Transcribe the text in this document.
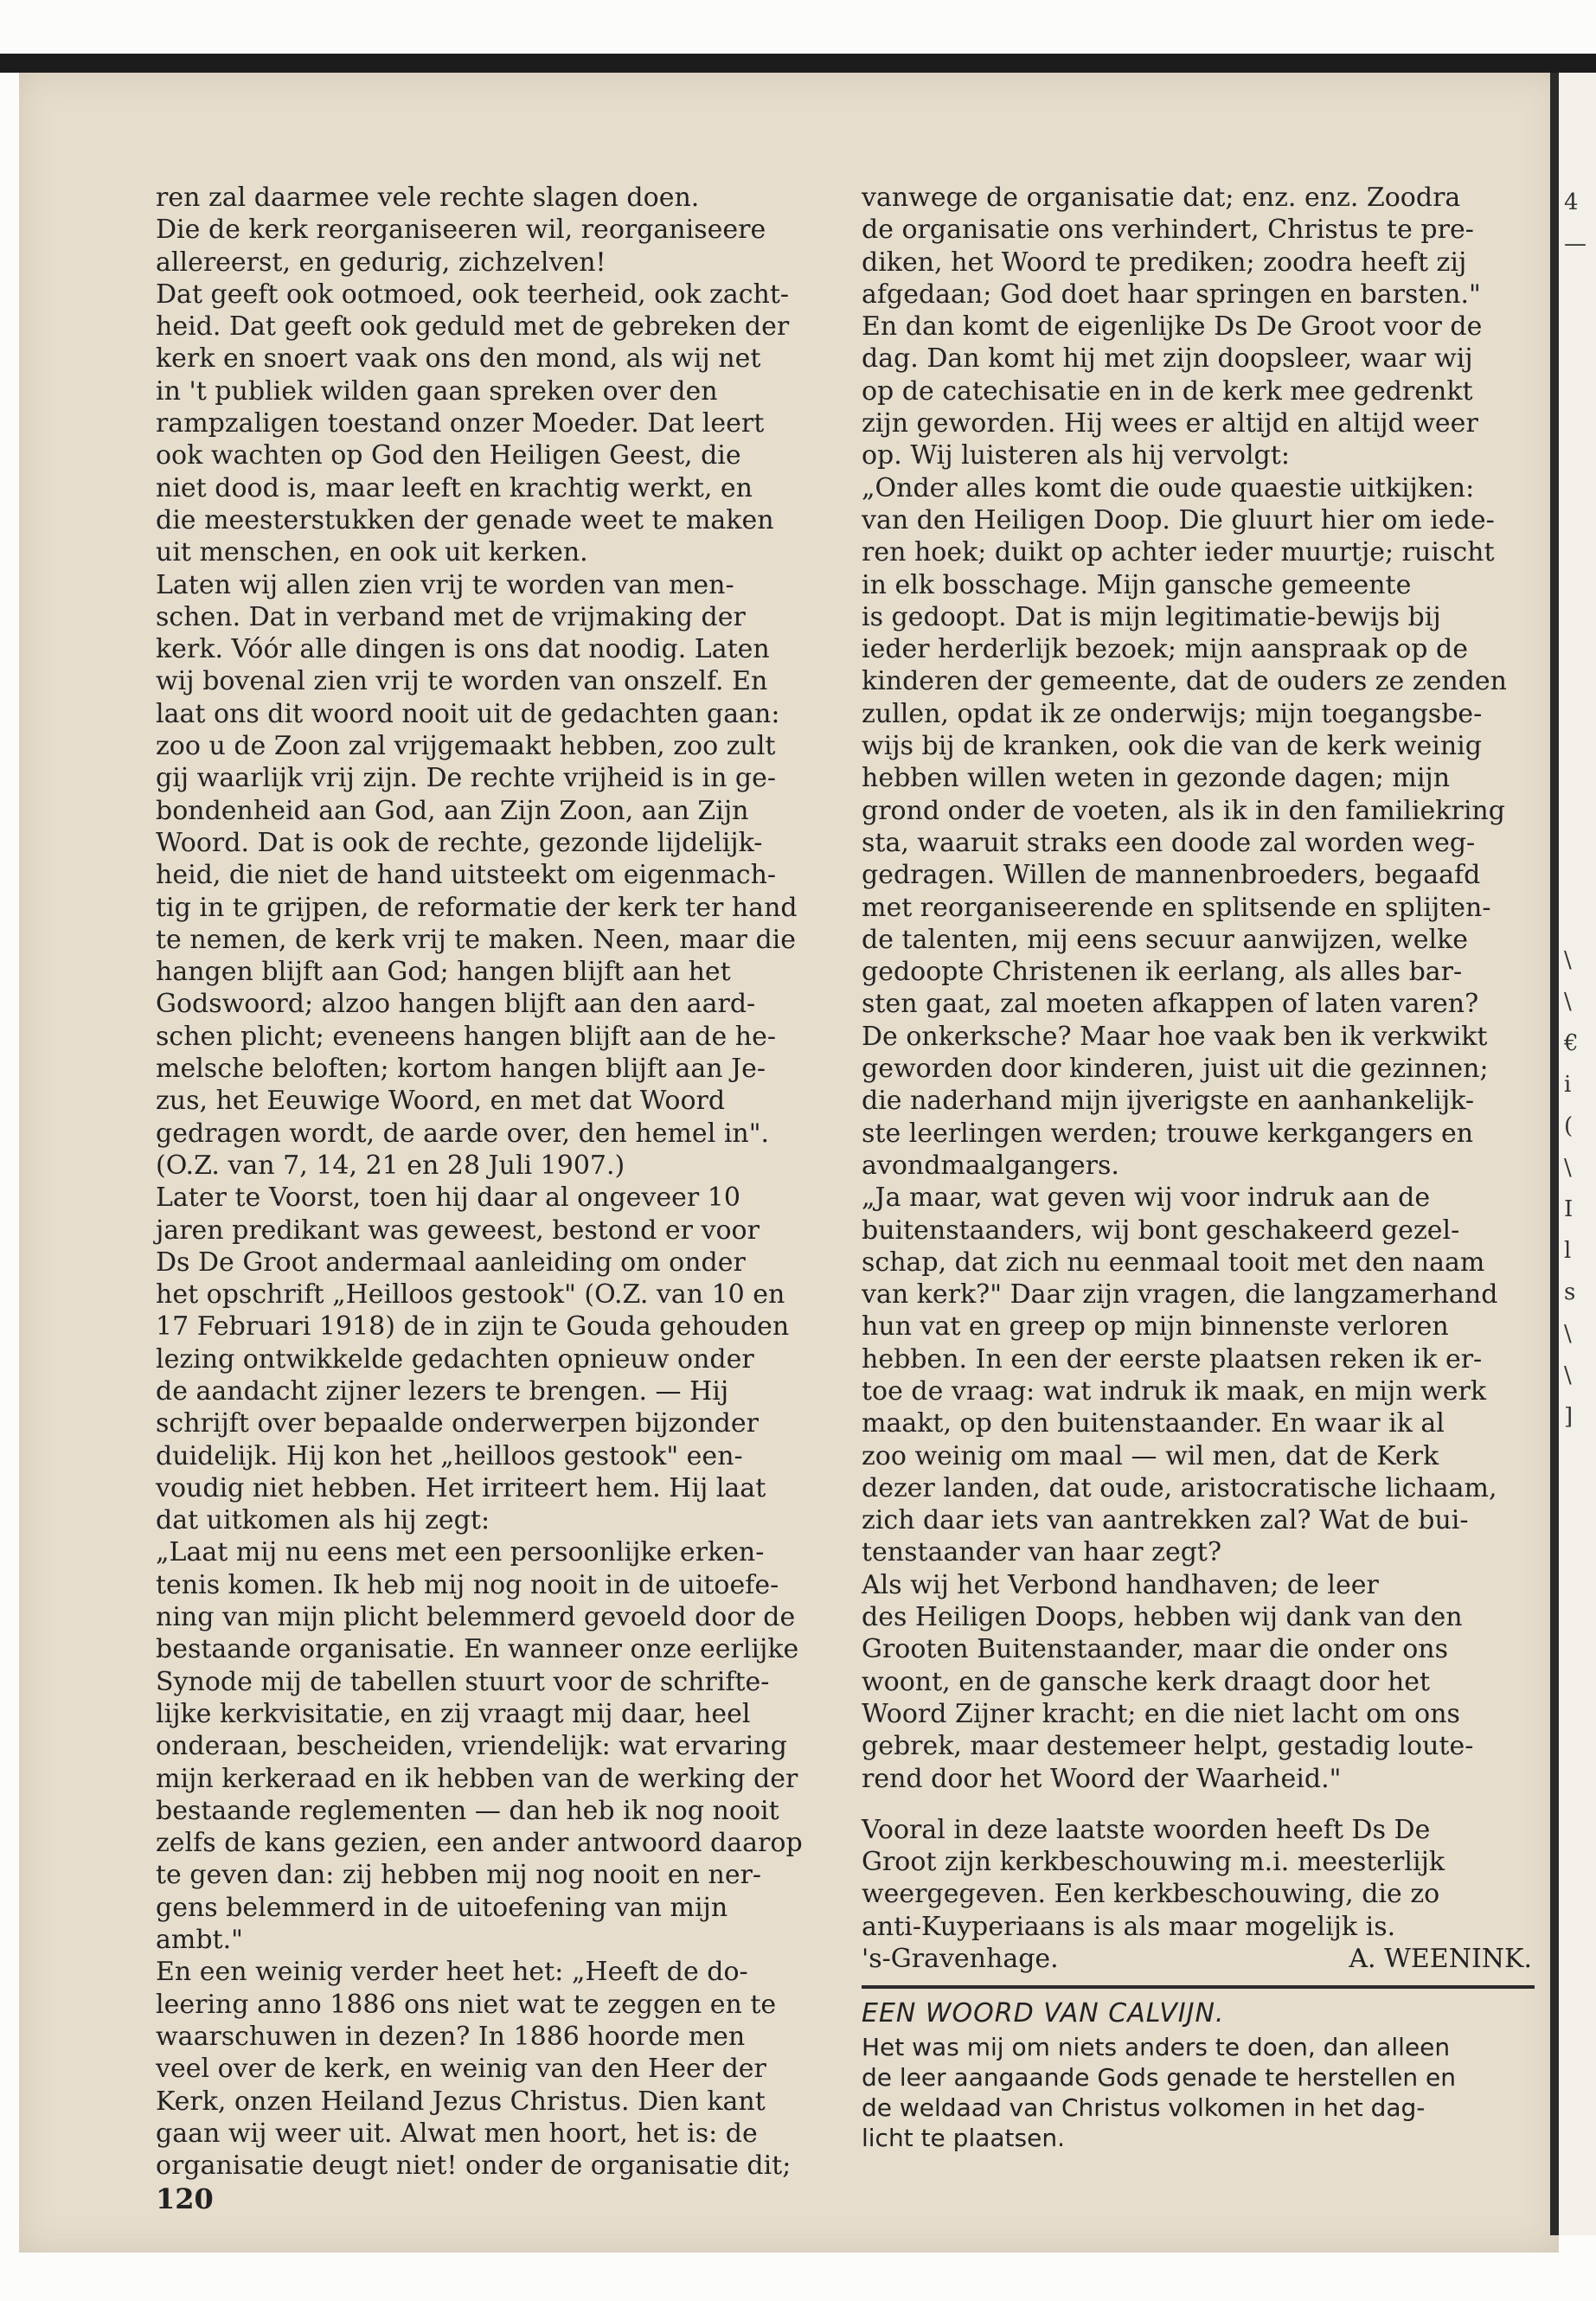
ren zal daarmee vele rechte slagen doen.
Die de kerk reorganiseeren wil, reorganiseere
allereerst, en gedurig, zichzelven!
Dat geeft ook ootmoed, ook teerheid, ook zacht-
heid. Dat geeft ook geduld met de gebreken der
kerk en snoert vaak ons den mond, als wij net
in 't publiek wilden gaan spreken over den
rampzaligen toestand onzer Moeder. Dat leert
ook wachten op God den Heiligen Geest, die
niet dood is, maar leeft en krachtig werkt, en
die meesterstukken der genade weet te maken
uit menschen, en ook uit kerken.
Laten wij allen zien vrij te worden van men-
schen. Dat in verband met de vrijmaking der
kerk. Vóór alle dingen is ons dat noodig. Laten
wij bovenal zien vrij te worden van onszelf. En
laat ons dit woord nooit uit de gedachten gaan:
zoo u de Zoon zal vrijgemaakt hebben, zoo zult
gij waarlijk vrij zijn. De rechte vrijheid is in ge-
bondenheid aan God, aan Zijn Zoon, aan Zijn
Woord. Dat is ook de rechte, gezonde lijdelijk-
heid, die niet de hand uitsteekt om eigenmach-
tig in te grijpen, de reformatie der kerk ter hand
te nemen, de kerk vrij te maken. Neen, maar die
hangen blijft aan God; hangen blijft aan het
Godswoord; alzoo hangen blijft aan den aard-
schen plicht; eveneens hangen blijft aan de he-
melsche beloften; kortom hangen blijft aan Je-
zus, het Eeuwige Woord, en met dat Woord
gedragen wordt, de aarde over, den hemel in".
(O.Z. van 7, 14, 21 en 28 Juli 1907.)
Later te Voorst, toen hij daar al ongeveer 10
jaren predikant was geweest, bestond er voor
Ds De Groot andermaal aanleiding om onder
het opschrift „Heilloos gestook" (O.Z. van 10 en
17 Februari 1918) de in zijn te Gouda gehouden
lezing ontwikkelde gedachten opnieuw onder
de aandacht zijner lezers te brengen. — Hij
schrijft over bepaalde onderwerpen bijzonder
duidelijk. Hij kon het „heilloos gestook" een-
voudig niet hebben. Het irriteert hem. Hij laat
dat uitkomen als hij zegt:
„Laat mij nu eens met een persoonlijke erken-
tenis komen. Ik heb mij nog nooit in de uitoefe-
ning van mijn plicht belemmerd gevoeld door de
bestaande organisatie. En wanneer onze eerlijke
Synode mij de tabellen stuurt voor de schrifte-
lijke kerkvisitatie, en zij vraagt mij daar, heel
onderaan, bescheiden, vriendelijk: wat ervaring
mijn kerkeraad en ik hebben van de werking der
bestaande reglementen — dan heb ik nog nooit
zelfs de kans gezien, een ander antwoord daarop
te geven dan: zij hebben mij nog nooit en ner-
gens belemmerd in de uitoefening van mijn
ambt."
En een weinig verder heet het: „Heeft de do-
leering anno 1886 ons niet wat te zeggen en te
waarschuwen in dezen? In 1886 hoorde men
veel over de kerk, en weinig van den Heer der
Kerk, onzen Heiland Jezus Christus. Dien kant
gaan wij weer uit. Alwat men hoort, het is: de
organisatie deugt niet! onder de organisatie dit;
120
vanwege de organisatie dat; enz. enz. Zoodra
de organisatie ons verhindert, Christus te pre-
diken, het Woord te prediken; zoodra heeft zij
afgedaan; God doet haar springen en barsten."
En dan komt de eigenlijke Ds De Groot voor de
dag. Dan komt hij met zijn doopsleer, waar wij
op de catechisatie en in de kerk mee gedrenkt
zijn geworden. Hij wees er altijd en altijd weer
op. Wij luisteren als hij vervolgt:
„Onder alles komt die oude quaestie uitkijken:
van den Heiligen Doop. Die gluurt hier om iede-
ren hoek; duikt op achter ieder muurtje; ruischt
in elk bosschage. Mijn gansche gemeente
is gedoopt. Dat is mijn legitimatie-bewijs bij
ieder herderlijk bezoek; mijn aanspraak op de
kinderen der gemeente, dat de ouders ze zenden
zullen, opdat ik ze onderwijs; mijn toegangsbe-
wijs bij de kranken, ook die van de kerk weinig
hebben willen weten in gezonde dagen; mijn
grond onder de voeten, als ik in den familiekring
sta, waaruit straks een doode zal worden weg-
gedragen. Willen de mannenbroeders, begaafd
met reorganiseerende en splitsende en splijten-
de talenten, mij eens secuur aanwijzen, welke
gedoopte Christenen ik eerlang, als alles bar-
sten gaat, zal moeten afkappen of laten varen?
De onkerksche? Maar hoe vaak ben ik verkwikt
geworden door kinderen, juist uit die gezinnen;
die naderhand mijn ijverigste en aanhankelijk-
ste leerlingen werden; trouwe kerkgangers en
avondmaalgangers.
„Ja maar, wat geven wij voor indruk aan de
buitenstaanders, wij bont geschakeerd gezel-
schap, dat zich nu eenmaal tooit met den naam
van kerk?" Daar zijn vragen, die langzamerhand
hun vat en greep op mijn binnenste verloren
hebben. In een der eerste plaatsen reken ik er-
toe de vraag: wat indruk ik maak, en mijn werk
maakt, op den buitenstaander. En waar ik al
zoo weinig om maal — wil men, dat de Kerk
dezer landen, dat oude, aristocratische lichaam,
zich daar iets van aantrekken zal? Wat de bui-
tenstaander van haar zegt?
Als wij het Verbond handhaven; de leer
des Heiligen Doops, hebben wij dank van den
Grooten Buitenstaander, maar die onder ons
woont, en de gansche kerk draagt door het
Woord Zijner kracht; en die niet lacht om ons
gebrek, maar destemeer helpt, gestadig loute-
rend door het Woord der Waarheid."
Vooral in deze laatste woorden heeft Ds De
Groot zijn kerkbeschouwing m.i. meesterlijk
weergegeven. Een kerkbeschouwing, die zo
anti-Kuyperiaans is als maar mogelijk is.
's-Gravenhage.	A. WEENINK.
EEN WOORD VAN CALVIJN.
Het was mij om niets anders te doen, dan alleen
de leer aangaande Gods genade te herstellen en
de weldaad van Christus volkomen in het dag-
licht te plaatsen.
4
—
\
\
€
i
(
\
I
l
s
\
\
]
